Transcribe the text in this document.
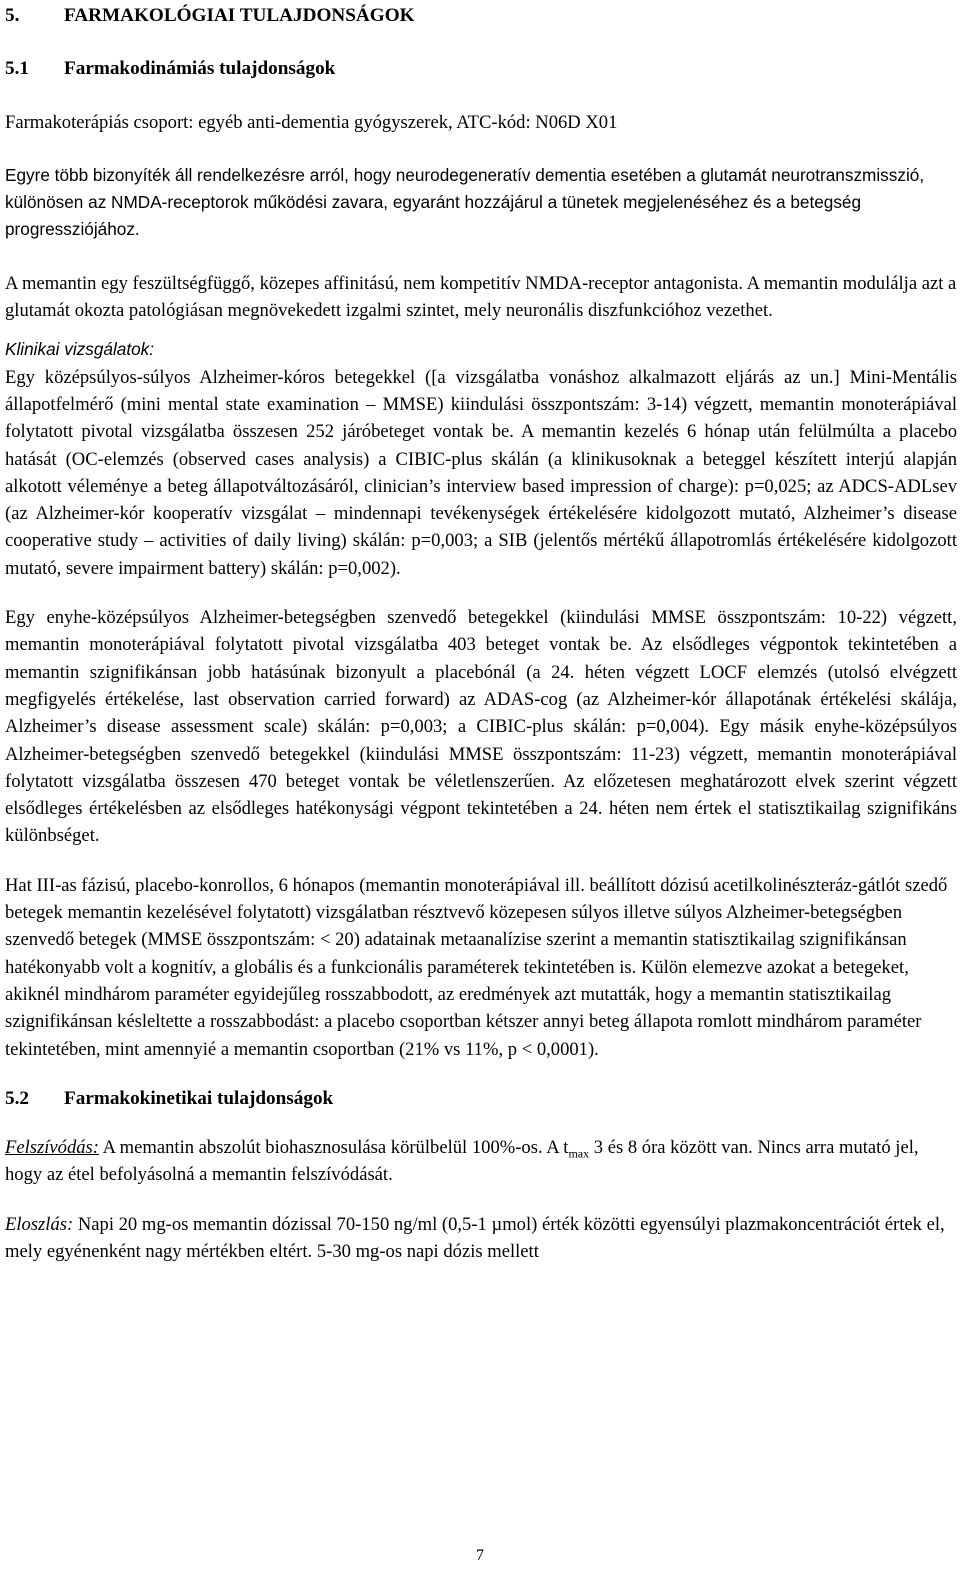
5. FARMAKOLÓGIAI TULAJDONSÁGOK

5.1 Farmakodinámiás tulajdonságok

Farmakoterápiás csoport: egyéb anti-dementia gyógyszerek, ATC-kód: N06D X01

Egyre több bizonyíték áll rendelkezésre arról, hogy neurodegeneratív dementia esetében a glutamát neurotranszmisszió, különösen az NMDA-receptorok működési zavara, egyaránt hozzájárul a tünetek megjelenéséhez és a betegség progressziójához.

A memantin egy feszültségfüggő, közepes affinitású, nem kompetitív NMDA-receptor antagonista. A memantin modulálja azt a glutamát okozta patológiásan megnövekedett izgalmi szintet, mely neuronális diszfunkcióhoz vezethet.

Klinikai vizsgálatok:

Egy középsúlyos-súlyos Alzheimer-kóros betegekkel ([a vizsgálatba vonáshoz alkalmazott eljárás az un.] Mini-Mentális állapotfelmérő (mini mental state examination – MMSE) kiindulási összpontszám: 3-14) végzett, memantin monoterápiával folytatott pivotal vizsgálatba összesen 252 járóbeteget vontak be. A memantin kezelés 6 hónap után felülmúlta a placebo hatását (OC-elemzés (observed cases analysis) a CIBIC-plus skálán (a klinikusoknak a beteggel készített interjú alapján alkotott véleménye a beteg állapotváltozásáról, clinician’s interview based impression of charge): p=0,025; az ADCS-ADLsev (az Alzheimer-kór kooperatív vizsgálat – mindennapi tevékenységek értékelésére kidolgozott mutató, Alzheimer’s disease cooperative study – activities of daily living) skálán: p=0,003; a SIB (jelentős mértékű állapotromlás értékelésére kidolgozott mutató, severe impairment battery) skálán: p=0,002).

Egy enyhe-középsúlyos Alzheimer-betegségben szenvedő betegekkel (kiindulási MMSE összpontszám: 10-22) végzett, memantin monoterápiával folytatott pivotal vizsgálatba 403 beteget vontak be. Az elsődleges végpontok tekintetében a memantin szignifikánsan jobb hatásúnak bizonyult a placebónál (a 24. héten végzett LOCF elemzés (utolsó elvégzett megfigyelés értékelése, last observation carried forward) az ADAS-cog (az Alzheimer-kór állapotának értékelési skálája, Alzheimer’s disease assessment scale) skálán: p=0,003; a CIBIC-plus skálán: p=0,004). Egy másik enyhe-középsúlyos Alzheimer-betegségben szenvedő betegekkel (kiindulási MMSE összpontszám: 11-23) végzett, memantin monoterápiával folytatott vizsgálatba összesen 470 beteget vontak be véletlenszerűen. Az előzetesen meghatározott elvek szerint végzett elsődleges értékelésben az elsődleges hatékonysági végpont tekintetében a 24. héten nem értek el statisztikailag szignifikáns különbséget.

Hat III-as fázisú, placebo-konrollos, 6 hónapos (memantin monoterápiával ill. beállított dózisú acetilkolinészteráz-gátlót szedő betegek memantin kezelésével folytatott) vizsgálatban résztvevő közepesen súlyos illetve súlyos Alzheimer-betegségben szenvedő betegek (MMSE összpontszám: < 20) adatainak metaanalízise szerint a memantin statisztikailag szignifikánsan hatékonyabb volt a kognitív, a globális és a funkcionális paraméterek tekintetében is. Külön elemezve azokat a betegeket, akiknél mindhárom paraméter egyidejűleg rosszabbodott, az eredmények azt mutatták, hogy a memantin statisztikailag szignifikánsan késleltette a rosszabbodást: a placebo csoportban kétszer annyi beteg állapota romlott mindhárom paraméter tekintetében, mint amennyié a memantin csoportban (21% vs 11%, p < 0,0001).

5.2 Farmakokinetikai tulajdonságok

Felszívódás: A memantin abszolút biohasznosulása körülbelül 100%-os. A $t_{max}$ 3 és 8 óra között van. Nincs arra mutató jel, hogy az étel befolyásolná a memantin felszívódását.

Eloszlás: Napi 20 mg-os memantin dózissal 70-150 ng/ml (0,5-1 µmol) érték közötti egyensúlyi plazmakoncentrációt értek el, mely egyénenként nagy mértékben eltért. 5-30 mg-os napi dózis mellett

7
